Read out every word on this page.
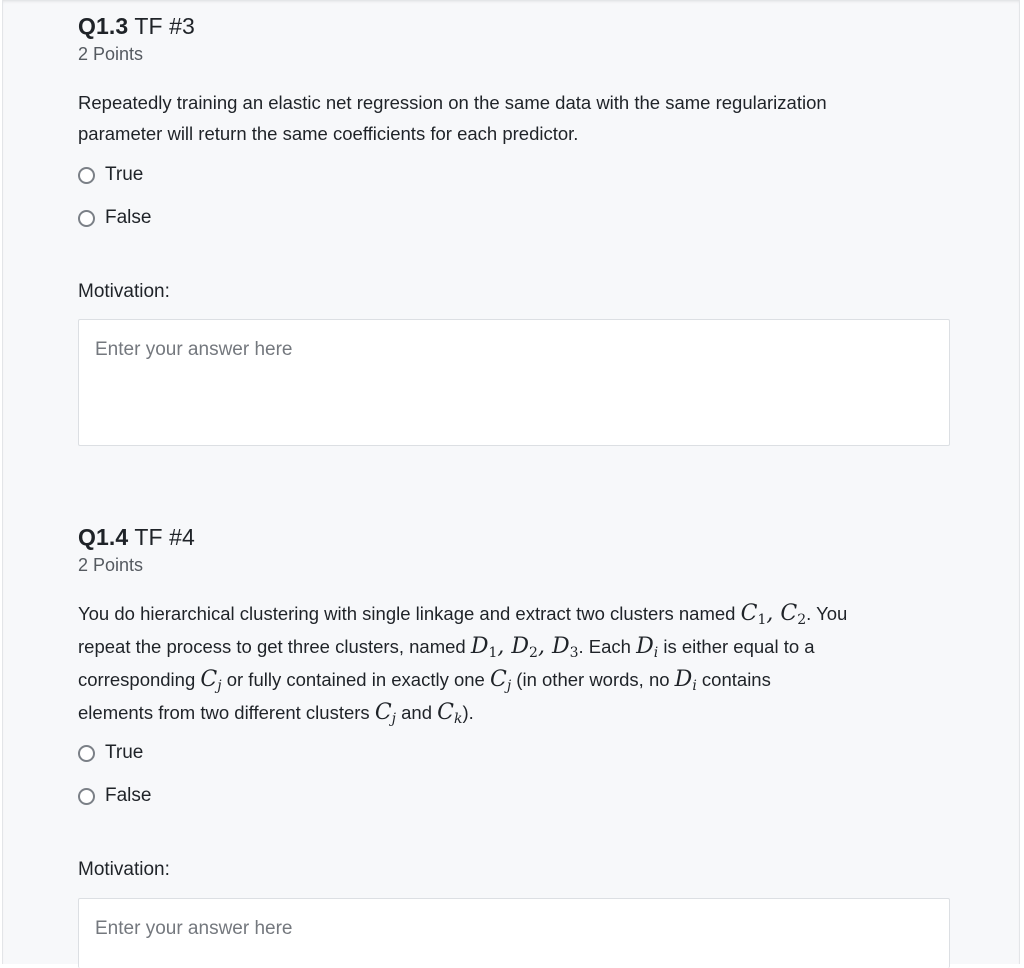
Q1.3 TF #3
2 Points
Repeatedly training an elastic net regression on the same data with the same regularization
parameter will return the same coefficients for each predictor.
True
False
Motivation:
Enter your answer here
Q1.4 TF #4
2 Points
You do hierarchical clustering with single linkage and extract two clusters named $C_1$, $C_2$. You
repeat the process to get three clusters, named $D_1$, $D_2$, $D_3$. Each $D_i$ is either equal to a
corresponding $C_j$ or fully contained in exactly one $C_j$ (in other words, no $D_i$ contains
elements from two different clusters $C_j$ and $C_k$).
True
False
Motivation:
Enter your answer here
